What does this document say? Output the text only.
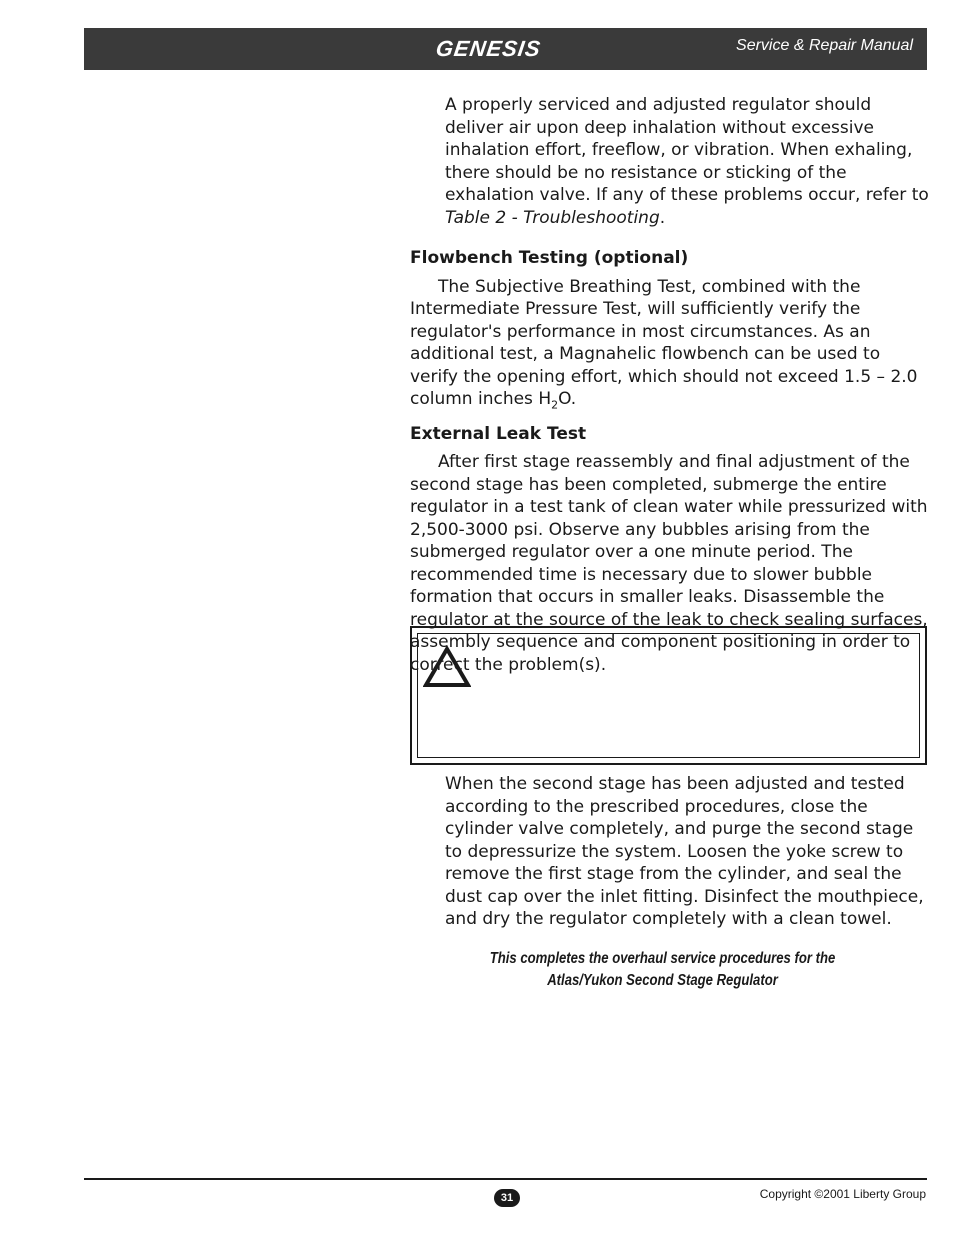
GENESIS	Service & Repair Manual

A properly serviced and adjusted regulator should deliver air upon deep inhalation without excessive inhalation effort, freeflow, or vibration. When exhaling, there should be no resistance or sticking of the exhalation valve. If any of these problems occur, refer to Table 2 - Troubleshooting.

Flowbench Testing (optional)

The Subjective Breathing Test, combined with the Intermediate Pressure Test, will sufficiently verify the regulator's performance in most circumstances. As an additional test, a Magnahelic flowbench can be used to verify the opening effort, which should not exceed 1.5 – 2.0 column inches $H_2O$.

External Leak Test

After first stage reassembly and final adjustment of the second stage has been completed, submerge the entire regulator in a test tank of clean water while pressurized with 2,500-3000 psi. Observe any bubbles arising from the submerged regulator over a one minute period. The recommended time is necessary due to slower bubble formation that occurs in smaller leaks. Disassemble the regulator at the source of the leak to check sealing surfaces, assembly sequence and component positioning in order to correct the problem(s).

When the second stage has been adjusted and tested according to the prescribed procedures, close the cylinder valve completely, and purge the second stage to depressurize the system. Loosen the yoke screw to remove the first stage from the cylinder, and seal the dust cap over the inlet fitting. Disinfect the mouthpiece, and dry the regulator completely with a clean towel.

This completes the overhaul service procedures for the
Atlas/Yukon Second Stage Regulator
31	Copyright ©2001 Liberty Group
